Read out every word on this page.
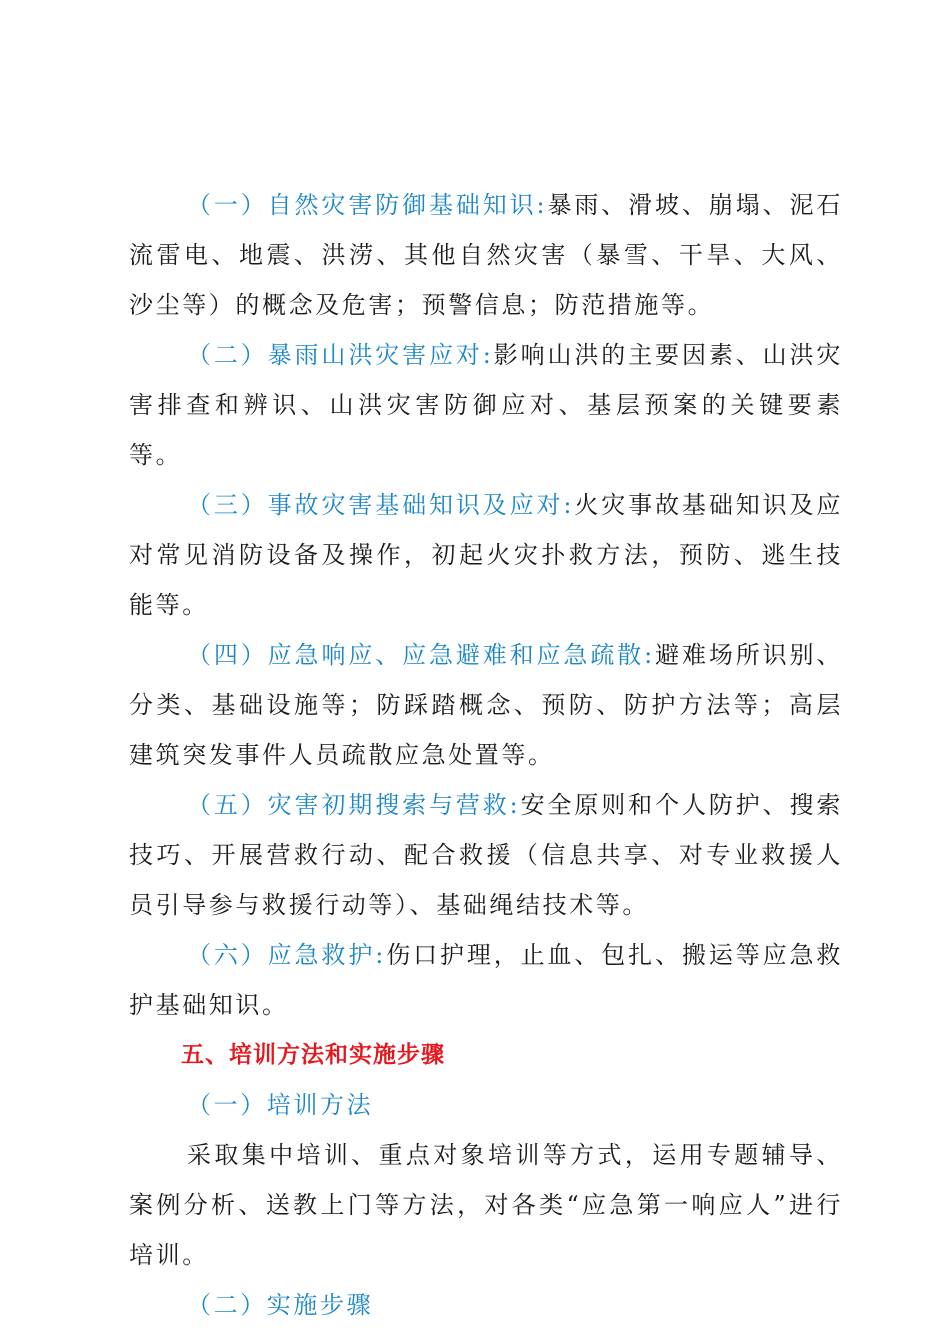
（一）自然灾害防御基础知识:暴雨、滑坡、崩塌、泥石流雷电、地震、洪涝、其他自然灾害（暴雪、干旱、大风、沙尘等）的概念及危害；预警信息；防范措施等。

（二）暴雨山洪灾害应对:影响山洪的主要因素、山洪灾害排查和辨识、山洪灾害防御应对、基层预案的关键要素等。

（三）事故灾害基础知识及应对:火灾事故基础知识及应对常见消防设备及操作，初起火灾扑救方法，预防、逃生技能等。

（四）应急响应、应急避难和应急疏散:避难场所识别、分类、基础设施等；防踩踏概念、预防、防护方法等；高层建筑突发事件人员疏散应急处置等。

（五）灾害初期搜索与营救:安全原则和个人防护、搜索技巧、开展营救行动、配合救援（信息共享、对专业救援人员引导参与救援行动等）、基础绳结技术等。

（六）应急救护:伤口护理，止血、包扎、搬运等应急救护基础知识。

五、培训方法和实施步骤

（一）培训方法

采取集中培训、重点对象培训等方式，运用专题辅导、案例分析、送教上门等方法，对各类“应急第一响应人”进行培训。

（二）实施步骤
